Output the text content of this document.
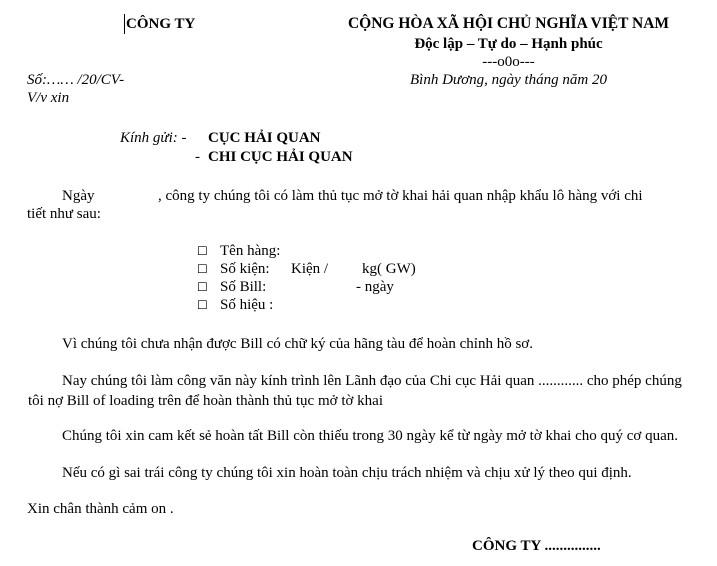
CÔNG TY	CỘNG HÒA XÃ HỘI CHỦ NGHĨA VIỆT NAM
Độc lập – Tự do – Hạnh phúc
---o0o---
Bình Dương, ngày tháng năm 20
Số:…… /20/CV-
V/v xin
Kính gửi: - CỤC HẢI QUAN
- CHI CỤC HẢI QUAN
Ngày	, công ty chúng tôi có làm thủ tục mở tờ khai hải quan nhập khẩu lô hàng với chi
tiết như sau:
☐ Tên hàng:
☐ Số kiện: Kiện / kg( GW)
☐ Số Bill:	- ngày
☐ Số hiệu :
Vì chúng tôi chưa nhận được Bill có chữ ký của hãng tàu để hoàn chỉnh hồ sơ.
Nay chúng tôi làm công văn này kính trình lên Lãnh đạo của Chi cục Hải quan ............ cho phép chúng tôi nợ Bill of loading trên để hoàn thành thủ tục mở tờ khai
Chúng tôi xin cam kết sẻ hoàn tất Bill còn thiếu trong 30 ngày kể từ ngày mở tờ khai cho quý cơ quan.
Nếu có gì sai trái công ty chúng tôi xin hoàn toàn chịu trách nhiệm và chịu xử lý theo qui định.
Xin chân thành cảm on .
CÔNG TY ...............
